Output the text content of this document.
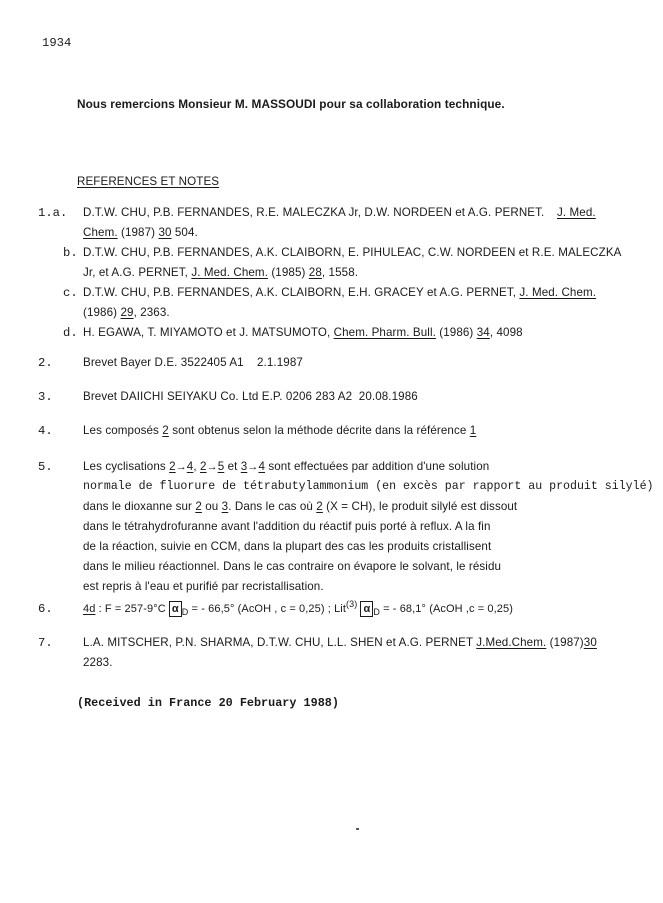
1934
Nous remercions Monsieur M. MASSOUDI pour sa collaboration technique.
REFERENCES ET NOTES
1.a. D.T.W. CHU, P.B. FERNANDES, R.E. MALECZKA Jr, D.W. NORDEEN et A.G. PERNET. J. Med.
Chem. (1987) 30 504.
b. D.T.W. CHU, P.B. FERNANDES, A.K. CLAIBORN, E. PIHULEAC, C.W. NORDEEN et R.E. MALECZKA
Jr, et A.G. PERNET, J. Med. Chem. (1985) 28, 1558.
c. D.T.W. CHU, P.B. FERNANDES, A.K. CLAIBORN, E.H. GRACEY et A.G. PERNET, J. Med. Chem.
(1986) 29, 2363.
d. H. EGAWA, T. MIYAMOTO et J. MATSUMOTO, Chem. Pharm. Bull. (1986) 34, 4098
2.	Brevet Bayer D.E. 3522405 A1    2.1.1987
3.	Brevet DAIICHI SEIYAKU Co. Ltd E.P. 0206 283 A2  20.08.1986
4.	Les composés 2 sont obtenus selon la méthode décrite dans la référence 1
5.	Les cyclisations 2→4, 2→5 et 3→4 sont effectuées par addition d'une solution
normale de fluorure de tétrabutylammonium (en excès par rapport au produit silylé)
dans le dioxanne sur 2 ou 3. Dans le cas où 2 (X = CH), le produit silylé est dissout
dans le tétrahydrofuranne avant l'addition du réactif puis porté à reflux. A la fin
de la réaction, suivie en CCM, dans la plupart des cas les produits cristallisent
dans le milieu réactionnel. Dans le cas contraire on évapore le solvant, le résidu
est repris à l'eau et purifié par recristallisation.
6.	4d : F = 257-9°C α $_D$ = - 66,5° (AcOH , c = 0,25) ; Lit$^{(3)}$ α $_D$ = - 68,1° (AcOH ,c = 0,25)
7.	L.A. MITSCHER, P.N. SHARMA, D.T.W. CHU, L.L. SHEN et A.G. PERNET J.Med.Chem. (1987)30
2283.
(Received in France 20 February 1988)
